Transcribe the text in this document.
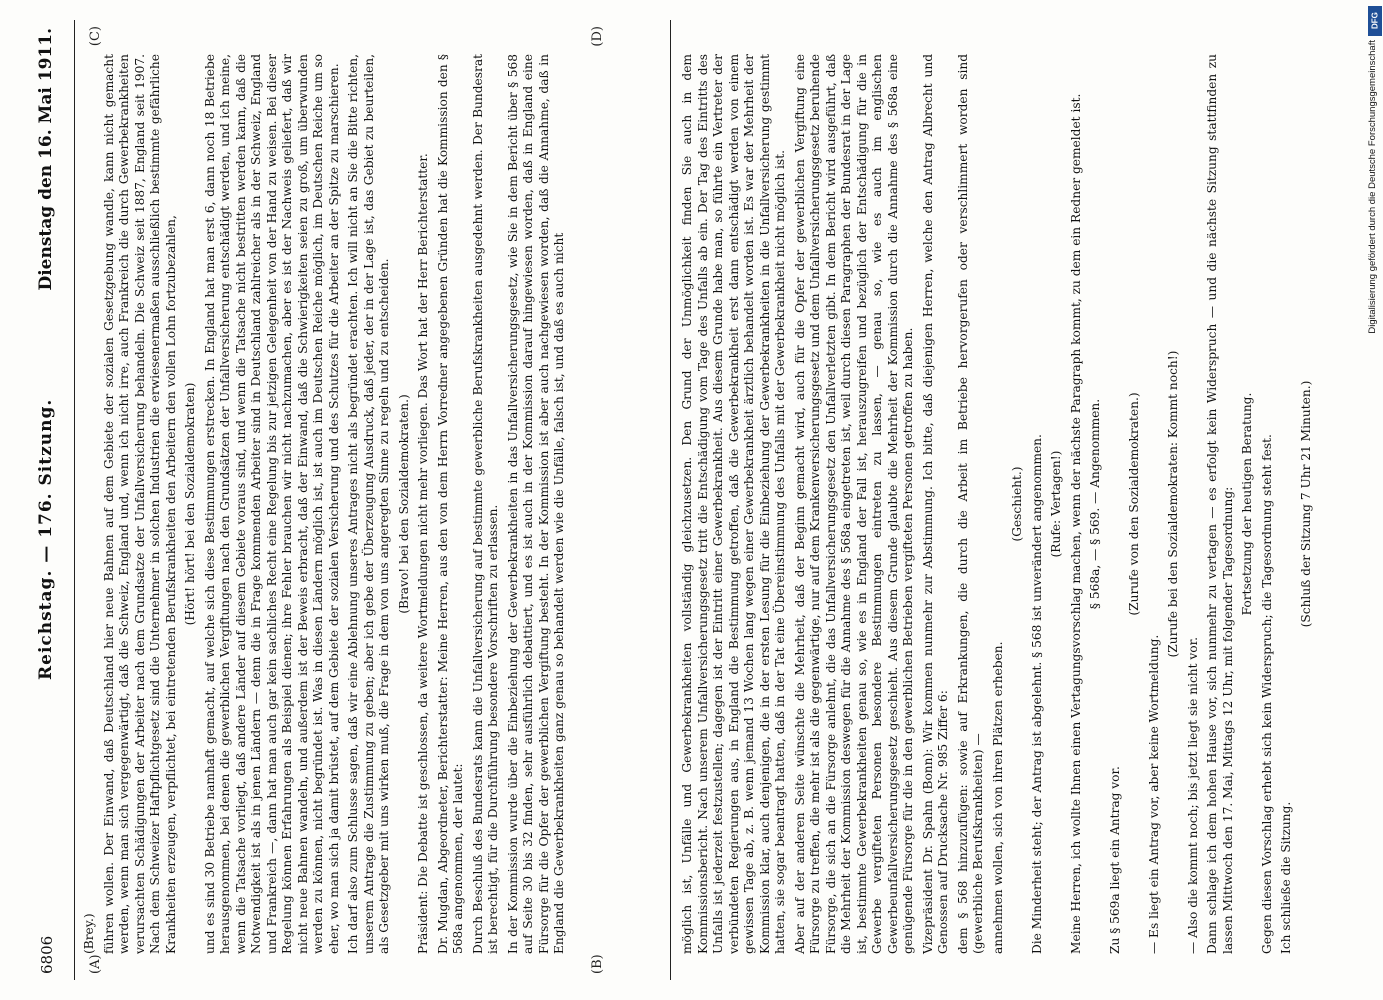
6806
Reichstag. — 176. Sitzung.
Dienstag den 16. Mai 1911.
(A)	(B)
(C)	(D)

(Brey.) führen wollen. Der Einwand, daß Deutschland hier neue Bahnen auf dem Gebiete der sozialen Gesetzgebung wandle, kann nicht gemacht werden, wenn man sich vergegenwärtigt, daß die Schweiz, England und, wenn ich nicht irre, auch Frankreich die durch Gewerbekrankheiten verursachten Schädigungen der Arbeiter nach dem Grundsatze der Unfallversicherung behandeln. Die Schweiz seit 1887, England seit 1907. Nach dem Schweizer Haftpflichtgesetz sind die Unternehmer in solchen Industrien die erwiesenermaßen ausschließlich bestimmte gefährliche Krankheiten erzeugen, verpflichtet, bei eintretenden Berufskrankheiten den Arbeitern den vollen Lohn fortzubezahlen, (Hört! hört! bei den Sozialdemokraten) und es sind 30 Betriebe namhaft gemacht, auf welche sich diese Bestimmungen erstrecken. In England hat man erst 6, dann noch 18 Betriebe herausgenommen, bei denen die gewerblichen Vergiftungen nach den Grundsätzen der Unfallversicherung entschädigt werden, und ich meine, wenn die Tatsache vorliegt, daß andere Länder auf diesem Gebiete voraus sind, und wenn die Tatsache nicht bestritten werden kann, daß die Notwendigkeit ist als in jenen Ländern — denn die in Frage kommenden Arbeiter sind in Deutschland zahlreicher als in der Schweiz, England und Frankreich —, dann hat man auch gar kein sachliches Recht eine Regelung bis zur jetzigen Gelegenheit von der Hand zu weisen. Bei dieser Regelung können Erfahrungen als Beispiel dienen; ihre Fehler brauchen wir nicht nachzumachen, aber es ist der Nachweis geliefert, daß wir nicht neue Bahnen wandeln, und außerdem ist der Beweis erbracht, daß der Einwand, daß die Schwierigkeiten seien zu groß, um überwunden werden zu können, nicht begründet ist. Was in diesen Ländern möglich ist, ist auch im Deutschen Reiche möglich, im Deutschen Reiche um so eher, wo man sich ja damit brüstet, auf dem Gebiete der sozialen Versicherung und des Schutzes für die Arbeiter an der Spitze zu marschieren. Ich darf also zum Schlusse sagen, daß wir eine Ablehnung unseres Antrages nicht als begründet erachten. Ich will nicht an Sie die Bitte richten, unserem Antrage die Zustimmung zu geben; aber ich gebe der Überzeugung Ausdruck, daß jeder, der in der Lage ist, das Gebiet zu beurteilen, als Gesetzgeber mit uns wirken muß, die Frage in dem von uns angeregten Sinne zu regeln und zu entscheiden. (Bravo! bei den Sozialdemokraten.) Präsident: Die Debatte ist geschlossen, da weitere Wortmeldungen nicht mehr vorliegen. Das Wort hat der Herr Berichterstatter. Dr. Mugdan, Abgeordneter, Berichterstatter: Meine Herren, aus den von dem Herrn Vorredner angegebenen Gründen hat die Kommission den § 568a angenommen, der lautet: Durch Beschluß des Bundesrats kann die Unfallversicherung auf bestimmte gewerbliche Berufskrankheiten ausgedehnt werden. Der Bundesrat ist berechtigt, für die Durchführung besondere Vorschriften zu erlassen. In der Kommission wurde über die Einbeziehung der Gewerbekrankheiten in das Unfallversicherungsgesetz, wie Sie in dem Bericht über § 568 auf Seite 30 bis 32 finden, sehr ausführlich debattiert, und es ist auch in der Kommission darauf hingewiesen worden, daß in England eine Fürsorge für die Opfer der gewerblichen Vergiftung besteht. In der Kommission ist aber auch nachgewiesen worden, daß die Annahme, daß in England die Gewerbekrankheiten ganz genau so behandelt werden wie die Unfälle, falsch ist, und daß es auch nicht	möglich ist, Unfälle und Gewerbekrankheiten vollständig gleichzusetzen. Den Grund der Unmöglichkeit finden Sie auch in dem Kommissionsbericht. Nach unserem Unfallversicherungsgesetz tritt die Entschädigung vom Tage des Unfalls ab ein. Der Tag des Eintritts des Unfalls ist jederzeit festzustellen; dagegen ist der Eintritt einer Gewerbekrankheit. Aus diesem Grunde habe man, so führte ein Vertreter der verbündeten Regierungen aus, in England die Bestimmung getroffen, daß die Gewerbekrankheit erst dann entschädigt werden von einem gewissen Tage ab, z. B. wenn jemand 13 Wochen lang wegen einer Gewerbekrankheit ärztlich behandelt worden ist. Es war der Mehrheit der Kommission klar, auch denjenigen, die in der ersten Lesung für die Einbeziehung der Gewerbekrankheiten in die Unfallversicherung gestimmt hatten, sie sogar beantragt hatten, daß in der Tat eine Übereinstimmung des Unfalls mit der Gewerbekrankheit nicht möglich ist. Aber auf der anderen Seite wünschte die Mehrheit, daß der Beginn gemacht wird, auch für die Opfer der gewerblichen Vergiftung eine Fürsorge zu treffen, die mehr ist als die gegenwärtige, nur auf dem Krankenversicherungsgesetz und dem Unfallversicherungsgesetz beruhende Fürsorge, die sich an die Fürsorge anlehnt, die das Unfallversicherungsgesetz den Unfallverletzten gibt. In dem Bericht wird ausgeführt, daß die Mehrheit der Kommission deswegen für die Annahme des § 568a eingetreten ist, weil durch diesen Paragraphen der Bundesrat in der Lage ist, bestimmte Gewerbekrankheiten genau so, wie es in England der Fall ist, herauszugreifen und bezüglich der Entschädigung für die in Gewerbe vergifteten Personen besondere Bestimmungen eintreten zu lassen, — genau so, wie es auch im englischen Gewerbeunfallversicherungsgesetz geschieht. Aus diesem Grunde glaubte die Mehrheit der Kommission durch die Annahme des § 568a eine genügende Fürsorge für die in den gewerblichen Betrieben vergifteten Personen getroffen zu haben. Vizepräsident Dr. Spahn (Bonn): Wir kommen nunmehr zur Abstimmung. Ich bitte, daß diejenigen Herren, welche den Antrag Albrecht und Genossen auf Drucksache Nr. 985 Ziffer 6: dem § 568 hinzuzufügen: sowie auf Erkrankungen, die durch die Arbeit im Betriebe hervorgerufen oder verschlimmert worden sind (gewerbliche Berufskrankheiten) — annehmen wollen, sich von ihren Plätzen erheben.

(Geschieht.) Die Minderheit steht; der Antrag ist abgelehnt. § 568 ist unverändert angenommen. (Rufe: Vertagen!) Meine Herren, ich wollte Ihnen einen Vertagungsvorschlag machen, wenn der nächste Paragraph kommt, zu dem ein Redner gemeldet ist. § 568a, — § 569. — Angenommen.

Zu § 569a liegt ein Antrag vor.

(Zurufe von den Sozialdemokraten.)

— Es liegt ein Antrag vor, aber keine Wortmeldung.

(Zurufe bei den Sozialdemokraten: Kommt noch!)

— Also die kommt noch; bis jetzt liegt sie nicht vor. Dann schlage ich dem hohen Hause vor, sich nunmehr zu vertagen — es erfolgt kein Widerspruch — und die nächste Sitzung stattfinden zu lassen Mittwoch den 17. Mai, Mittags 12 Uhr, mit folgender Tagesordnung: Fortsetzung der heutigen Beratung. Gegen diesen Vorschlag erhebt sich kein Widerspruch; die Tagesordnung steht fest. Ich schließe die Sitzung.

(Schluß der Sitzung 7 Uhr 21 Minuten.)

DFG
Digitalisierung gefördert durch die Deutsche Forschungsgemeinschaft
